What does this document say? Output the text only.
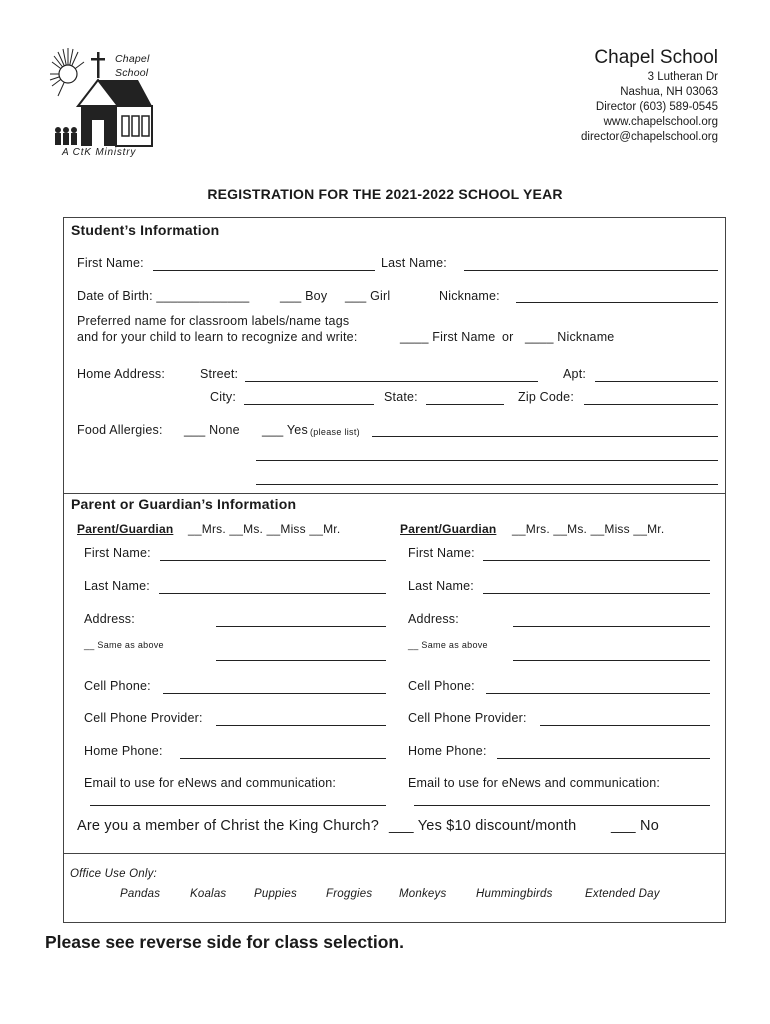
Chapel
School
A CtK Ministry
Chapel School
3 Lutheran Dr
Nashua, NH 03063
Director (603) 589-0545
www.chapelschool.org
director@chapelschool.org
REGISTRATION FOR THE 2021-2022 SCHOOL YEAR
Student’s Information
First Name:	Last Name:
Date of Birth: _____________ ___ Boy ___ Girl	Nickname:
Preferred name for classroom labels/name tags
and for your child to learn to recognize and write:	____ First Name or ____ Nickname
Home Address:	Street:	Apt:
City:	State:	Zip Code:
Food Allergies: ___ None ___ Yes (please list)
Parent or Guardian’s Information
Parent/Guardian __Mrs. __Ms. __Miss __Mr.
First Name:
Last Name:
Address:
__ Same as above
Cell Phone:
Cell Phone Provider:
Home Phone:
Email to use for eNews and communication:
Parent/Guardian __Mrs. __Ms. __Miss __Mr.
First Name:
Last Name:
Address:
__ Same as above
Cell Phone:
Cell Phone Provider:
Home Phone:
Email to use for eNews and communication:
Are you a member of Christ the King Church? ___ Yes $10 discount/month ___ No
Office Use Only:
Pandas	Koalas Puppies	Froggies Monkeys	Hummingbirds	Extended Day
Please see reverse side for class selection.
